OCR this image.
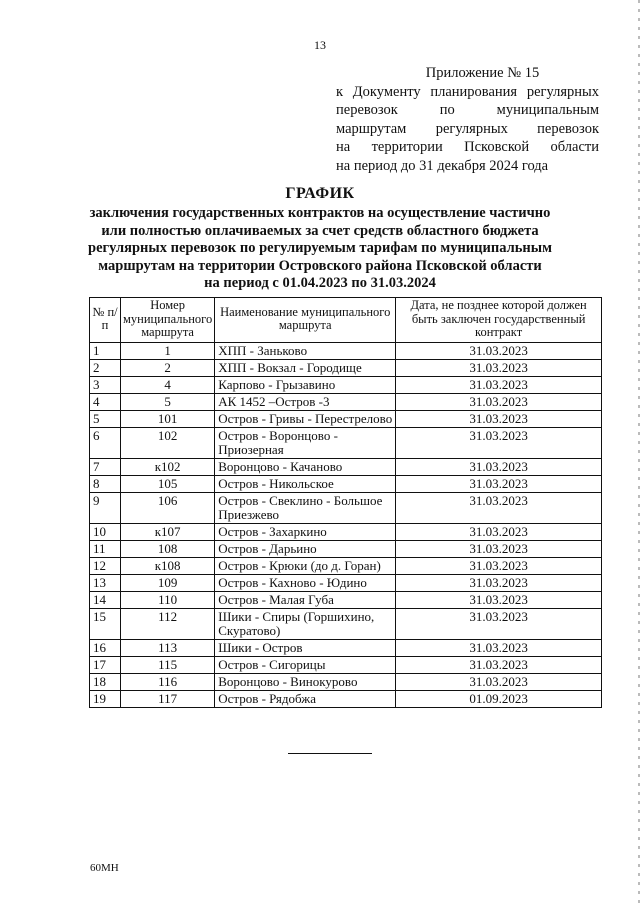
13
Приложение № 15
к Документу планирования регулярных
перевозок по муниципальным
маршрутам регулярных перевозок
на территории Псковской области
на период до 31 декабря 2024 года
ГРАФИК
заключения государственных контрактов на осуществление частично
или полностью оплачиваемых за счет средств областного бюджета
регулярных перевозок по регулируемым тарифам по муниципальным
маршрутам на территории Островского района Псковской области
на период с 01.04.2023 по 31.03.2024
№ п/п	Номер муниципального маршрута	Наименование муниципального маршрута	Дата, не позднее которой должен быть заключен государственный контракт
1	1	ХПП - Заньково	31.03.2023
2	2	ХПП - Вокзал - Городище	31.03.2023
3	4	Карпово - Грызавино	31.03.2023
4	5	АК 1452 –Остров -3	31.03.2023
5	101	Остров - Гривы - Перестрелово	31.03.2023
6	102	Остров - Воронцово - Приозерная	31.03.2023
7	к102	Воронцово - Качаново	31.03.2023
8	105	Остров - Никольское	31.03.2023
9	106	Остров - Свеклино - Большое Приезжево	31.03.2023
10	к107	Остров - Захаркино	31.03.2023
11	108	Остров - Дарьино	31.03.2023
12	к108	Остров - Крюки (до д. Горан)	31.03.2023
13	109	Остров - Кахново - Юдино	31.03.2023
14	110	Остров - Малая Губа	31.03.2023
15	112	Шики - Спиры (Горшихино, Скуратово)	31.03.2023
16	113	Шики - Остров	31.03.2023
17	115	Остров - Сигорицы	31.03.2023
18	116	Воронцово - Винокурово	31.03.2023
19	117	Остров - Рядобжа	01.09.2023
60МН
